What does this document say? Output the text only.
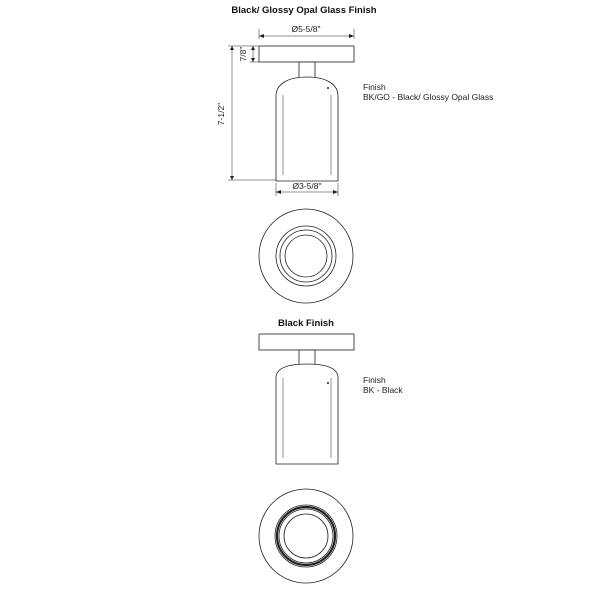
Black/ Glossy Opal Glass Finish
Ø5-5/8"
7/8"
7-1/2"
Ø3-5/8"
Finish
BK/GO - Black/ Glossy Opal Glass
Black Finish
Finish
BK - Black
